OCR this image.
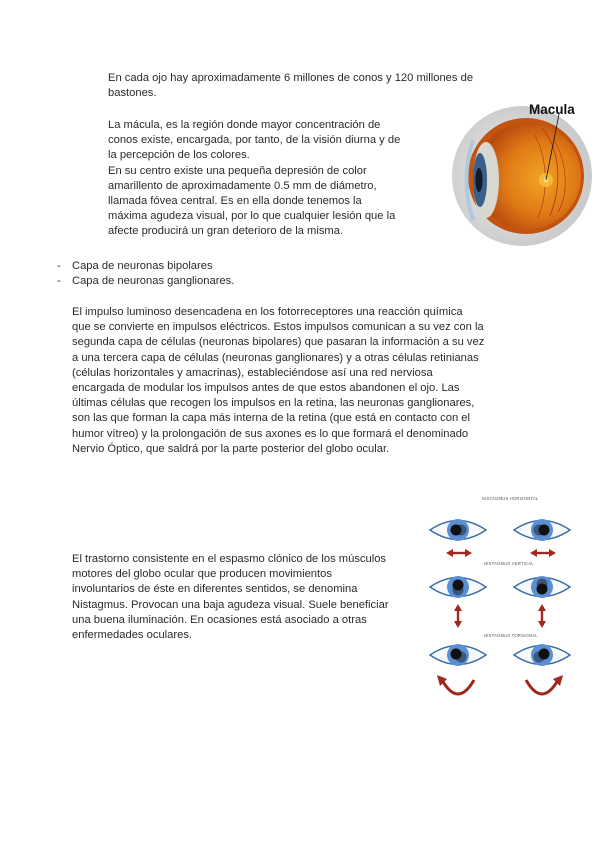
En cada ojo hay aproximadamente 6 millones de conos y 120 millones de bastones.

La mácula, es la región donde mayor concentración de
conos existe, encargada, por tanto, de la visión diurna y de
la percepción de los colores.
En su centro existe una pequeña depresión de color
amarillento de aproximadamente 0.5 mm de diámetro,
llamada fóvea central. Es en ella donde tenemos la
máxima agudeza visual, por lo que cualquier lesión que la
afecte producirá un gran deterioro de la misma.

Macula
- Capa de neuronas bipolares
- Capa de neuronas ganglionares.

El impulso luminoso desencadena en los fotorreceptores una reacción química
que se convierte en impulsos eléctricos. Estos impulsos comunican a su vez con la
segunda capa de células (neuronas bipolares) que pasaran la información a su vez
a una tercera capa de células (neuronas ganglionares) y a otras células retinianas
(células horizontales y amacrinas), estableciéndose así una red nerviosa
encargada de modular los impulsos antes de que estos abandonen el ojo. Las
últimas células que recogen los impulsos en la retina, las neuronas ganglionares,
son las que forman la capa más interna de la retina (que está en contacto con el
humor vítreo) y la prolongación de sus axones es lo que formará el denominado
Nervio Óptico, que saldrá por la parte posterior del globo ocular.

El trastorno consistente en el espasmo clónico de los músculos
motores del globo ocular que producen movimientos
involuntarios de éste en diferentes sentidos, se denomina
Nistagmus. Provocan una baja agudeza visual. Suele beneficiar
una buena iluminación. En ocasiones está asociado a otras
enfermedades oculares.

NISTAGMUS HORIZONTAL
NISTAGMUS VERTICAL
NISTAGMUS TORSIONAL
